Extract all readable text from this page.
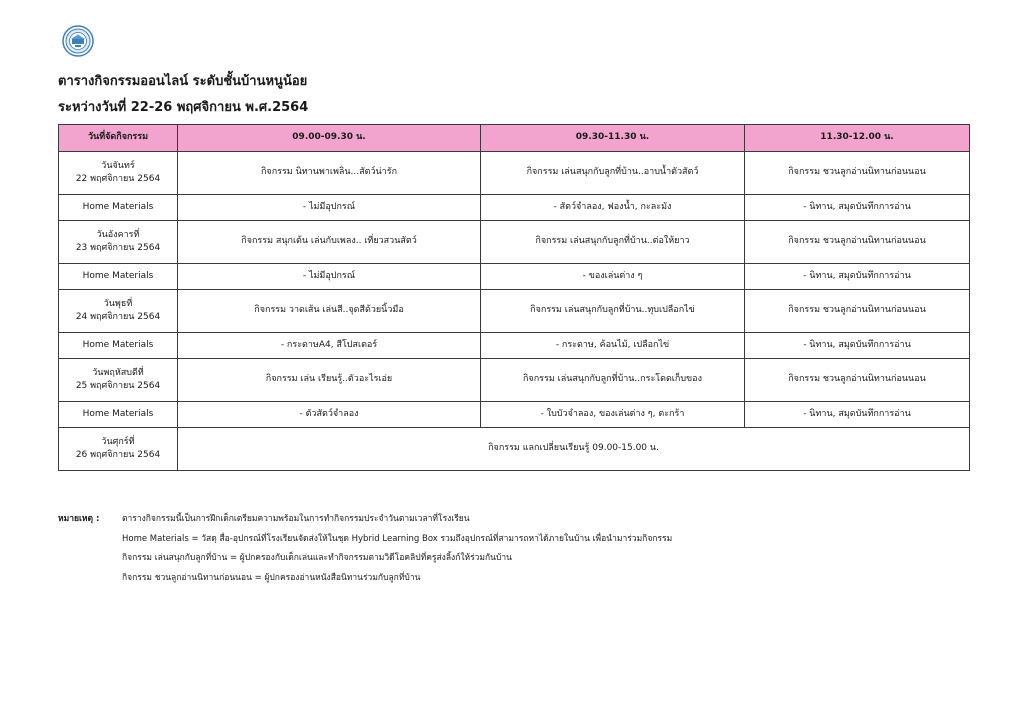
ตารางกิจกรรมออนไลน์ ระดับชั้นบ้านหนูน้อย
ระหว่างวันที่ 22-26 พฤศจิกายน พ.ศ.2564
วันที่จัดกิจกรรม	09.00-09.30 น.	09.30-11.30 น.	11.30-12.00 น.

วันจันทร์
22 พฤศจิกายน 2564	กิจกรรม นิทานพาเพลิน...สัตว์น่ารัก	กิจกรรม เล่นสนุกกับลูกที่บ้าน..อาบน้ำตัวสัตว์	กิจกรรม ชวนลูกอ่านนิทานก่อนนอน
Home Materials	- ไม่มีอุปกรณ์	- สัตว์จำลอง, ฟองน้ำ, กะละมัง	- นิทาน, สมุดบันทึกการอ่าน

วันอังคารที่
23 พฤศจิกายน 2564	กิจกรรม สนุกเต้น เล่นกับเพลง.. เที่ยวสวนสัตว์	กิจกรรม เล่นสนุกกับลูกที่บ้าน..ต่อให้ยาว	กิจกรรม ชวนลูกอ่านนิทานก่อนนอน
Home Materials	- ไม่มีอุปกรณ์	- ของเล่นต่าง ๆ	- นิทาน, สมุดบันทึกการอ่าน

วันพุธที่
24 พฤศจิกายน 2564	กิจกรรม วาดเส้น เล่นสี..จุดสีด้วยนิ้วมือ	กิจกรรม เล่นสนุกกับลูกที่บ้าน..ทุบเปลือกไข่	กิจกรรม ชวนลูกอ่านนิทานก่อนนอน
Home Materials	- กระดาษA4, สีโปสเตอร์	- กระดาษ, ค้อนไม้, เปลือกไข่	- นิทาน, สมุดบันทึกการอ่าน

วันพฤหัสบดีที่
25 พฤศจิกายน 2564	กิจกรรม เล่น เรียนรู้..ตัวอะไรเอ่ย	กิจกรรม เล่นสนุกกับลูกที่บ้าน..กระโดดเก็บของ	กิจกรรม ชวนลูกอ่านนิทานก่อนนอน
Home Materials	- ตัวสัตว์จำลอง	- ใบบัวจำลอง, ของเล่นต่าง ๆ, ตะกร้า	- นิทาน, สมุดบันทึกการอ่าน

วันศุกร์ที่
26 พฤศจิกายน 2564	กิจกรรม แลกเปลี่ยนเรียนรู้ 09.00-15.00 น.		
หมายเหตุ :	ตารางกิจกรรมนี้เป็นการฝึกเด็กเตรียมความพร้อมในการทำกิจกรรมประจำวันตามเวลาที่โรงเรียน
Home Materials = วัสดุ สื่อ-อุปกรณ์ที่โรงเรียนจัดส่งให้ในชุด Hybrid Learning Box รวมถึงอุปกรณ์ที่สามารถหาได้ภายในบ้าน เพื่อนำมาร่วมกิจกรรม
กิจกรรม เล่นสนุกกับลูกที่บ้าน = ผู้ปกครองกับเด็กเล่นและทำกิจกรรมตามวิดีโอคลิปที่ครูส่งลิ้งก์ให้ร่วมกันบ้าน
กิจกรรม ชวนลูกอ่านนิทานก่อนนอน = ผู้ปกครองอ่านหนังสือนิทานร่วมกับลูกที่บ้าน
